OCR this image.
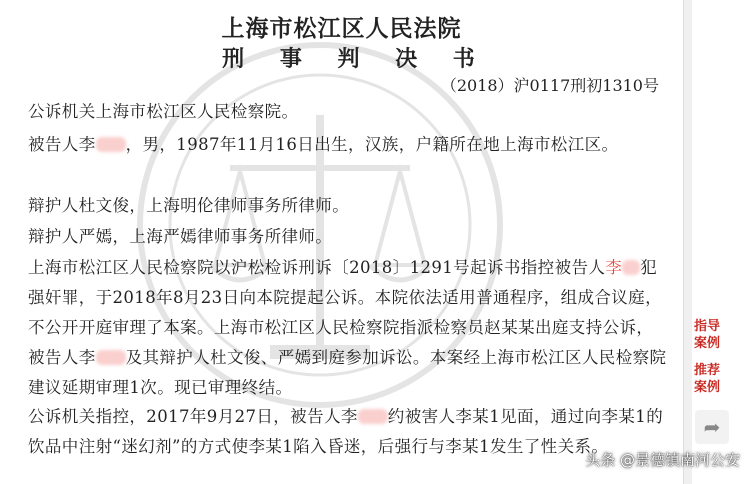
上海市松江区人民法院
刑 事 判 决 书
（2018）沪0117刑初1310号

公诉机关上海市松江区人民检察院。

被告人李 ，男，1987年11月16日出生，汉族，户籍所在地上海市松江区。

辩护人杜文俊，上海明伦律师事务所律师。

辩护人严嫣，上海严嫣律师事务所律师。

上海市松江区人民检察院以沪松检诉刑诉〔2018〕1291号起诉书指控被告人李 犯强奸罪，于2018年8月23日向本院提起公诉。本院依法适用普通程序，组成合议庭，不公开开庭审理了本案。上海市松江区人民检察院指派检察员赵某某出庭支持公诉，被告人李 及其辩护人杜文俊、严嫣到庭参加诉讼。本案经上海市松江区人民检察院建议延期审理1次。现已审理终结。

公诉机关指控，2017年9月27日，被告人李 约被害人李某1见面，通过向李某1的饮品中注射“迷幻剂”的方式使李某1陷入昏迷，后强行与李某1发生了性关系。

指导
案例
推荐
案例
➦
头条 @景德镇南河公安
